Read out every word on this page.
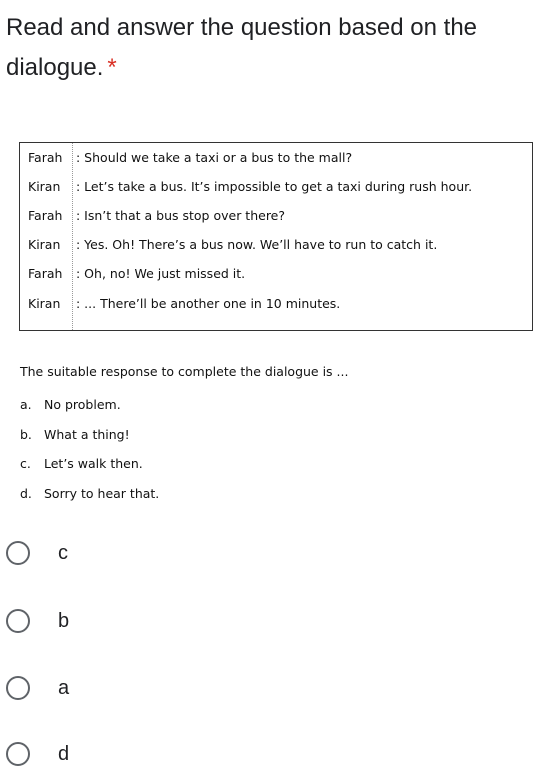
Read and answer the question based on the dialogue. *
Farah	: Should we take a taxi or a bus to the mall?
Kiran	: Let’s take a bus. It’s impossible to get a taxi during rush hour.
Farah	: Isn’t that a bus stop over there?
Kiran	: Yes. Oh! There’s a bus now. We’ll have to run to catch it.
Farah	: Oh, no! We just missed it.
Kiran	: ... There’ll be another one in 10 minutes.
The suitable response to complete the dialogue is ...
a. No problem.
b. What a thing!
c.	Let’s walk then.
d. Sorry to hear that.
c
b
a
d
